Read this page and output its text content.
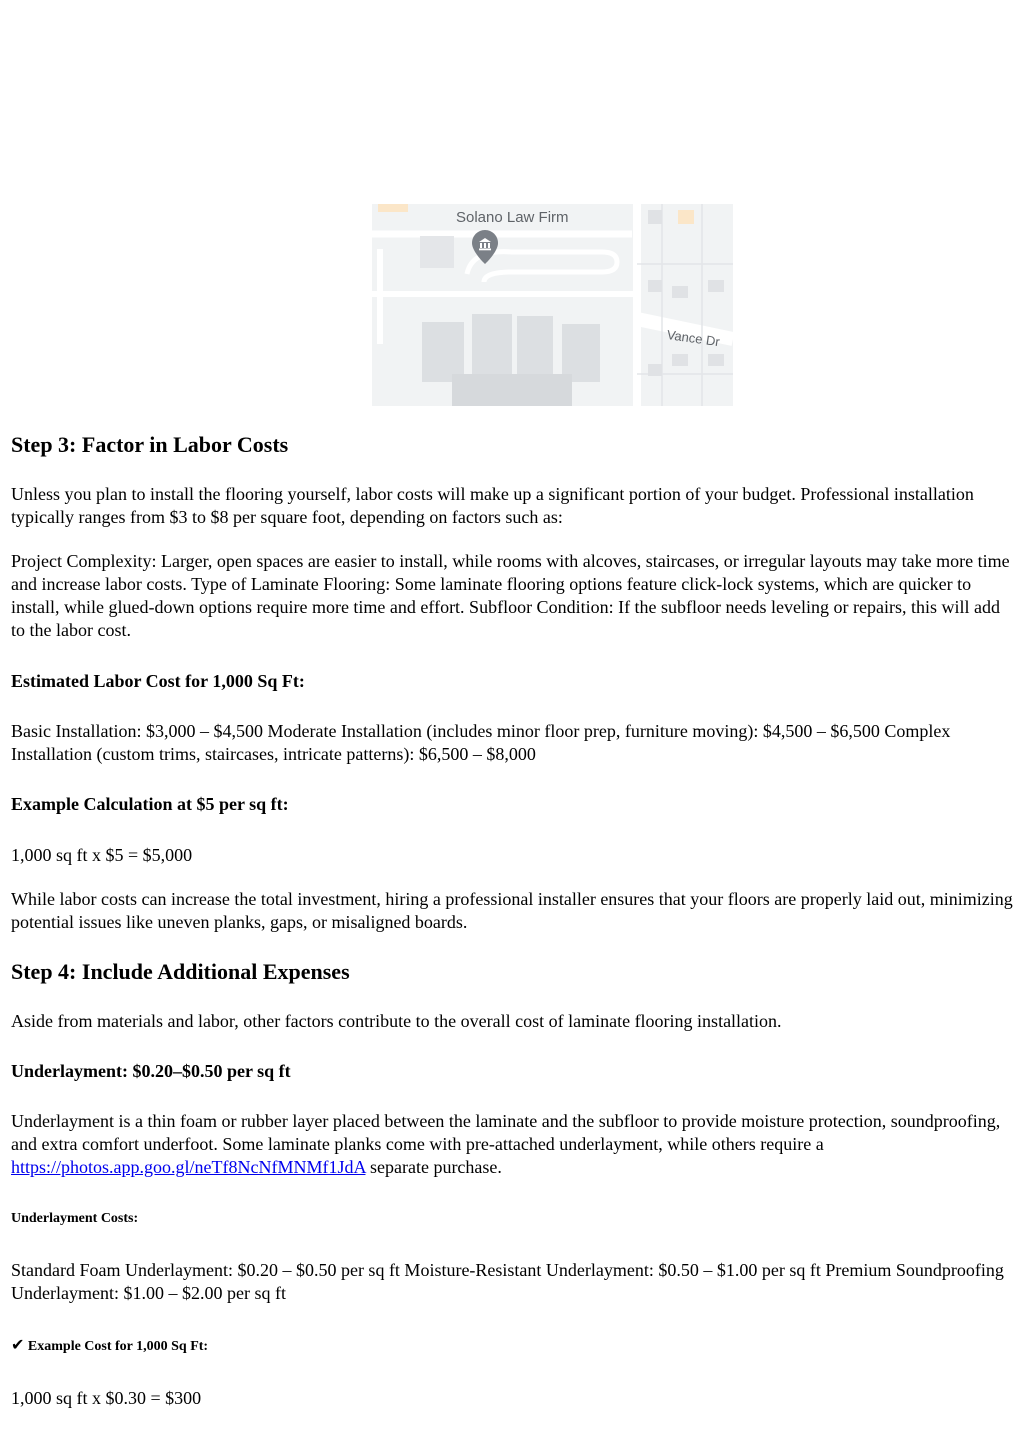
Solano Law Firm
Vance Dr
Step 3: Factor in Labor Costs

Unless you plan to install the flooring yourself, labor costs will make up a significant portion of your budget. Professional installation typically ranges from $3 to $8 per square foot, depending on factors such as:

Project Complexity: Larger, open spaces are easier to install, while rooms with alcoves, staircases, or irregular layouts may take more time and increase labor costs. Type of Laminate Flooring: Some laminate flooring options feature click-lock systems, which are quicker to install, while glued-down options require more time and effort. Subfloor Condition: If the subfloor needs leveling or repairs, this will add to the labor cost.

Estimated Labor Cost for 1,000 Sq Ft:

Basic Installation: $3,000 – $4,500 Moderate Installation (includes minor floor prep, furniture moving): $4,500 – $6,500 Complex Installation (custom trims, staircases, intricate patterns): $6,500 – $8,000

Example Calculation at $5 per sq ft:

1,000 sq ft x $5 = $5,000

While labor costs can increase the total investment, hiring a professional installer ensures that your floors are properly laid out, minimizing potential issues like uneven planks, gaps, or misaligned boards.

Step 4: Include Additional Expenses

Aside from materials and labor, other factors contribute to the overall cost of laminate flooring installation.

Underlayment: $0.20–$0.50 per sq ft

Underlayment is a thin foam or rubber layer placed between the laminate and the subfloor to provide moisture protection, soundproofing, and extra comfort underfoot. Some laminate planks come with pre-attached underlayment, while others require a https://photos.app.goo.gl/neTf8NcNfMNMf1JdA separate purchase.

Underlayment Costs:

Standard Foam Underlayment: $0.20 – $0.50 per sq ft Moisture-Resistant Underlayment: $0.50 – $1.00 per sq ft Premium Soundproofing Underlayment: $1.00 – $2.00 per sq ft

✔ Example Cost for 1,000 Sq Ft:

1,000 sq ft x $0.30 = $300
